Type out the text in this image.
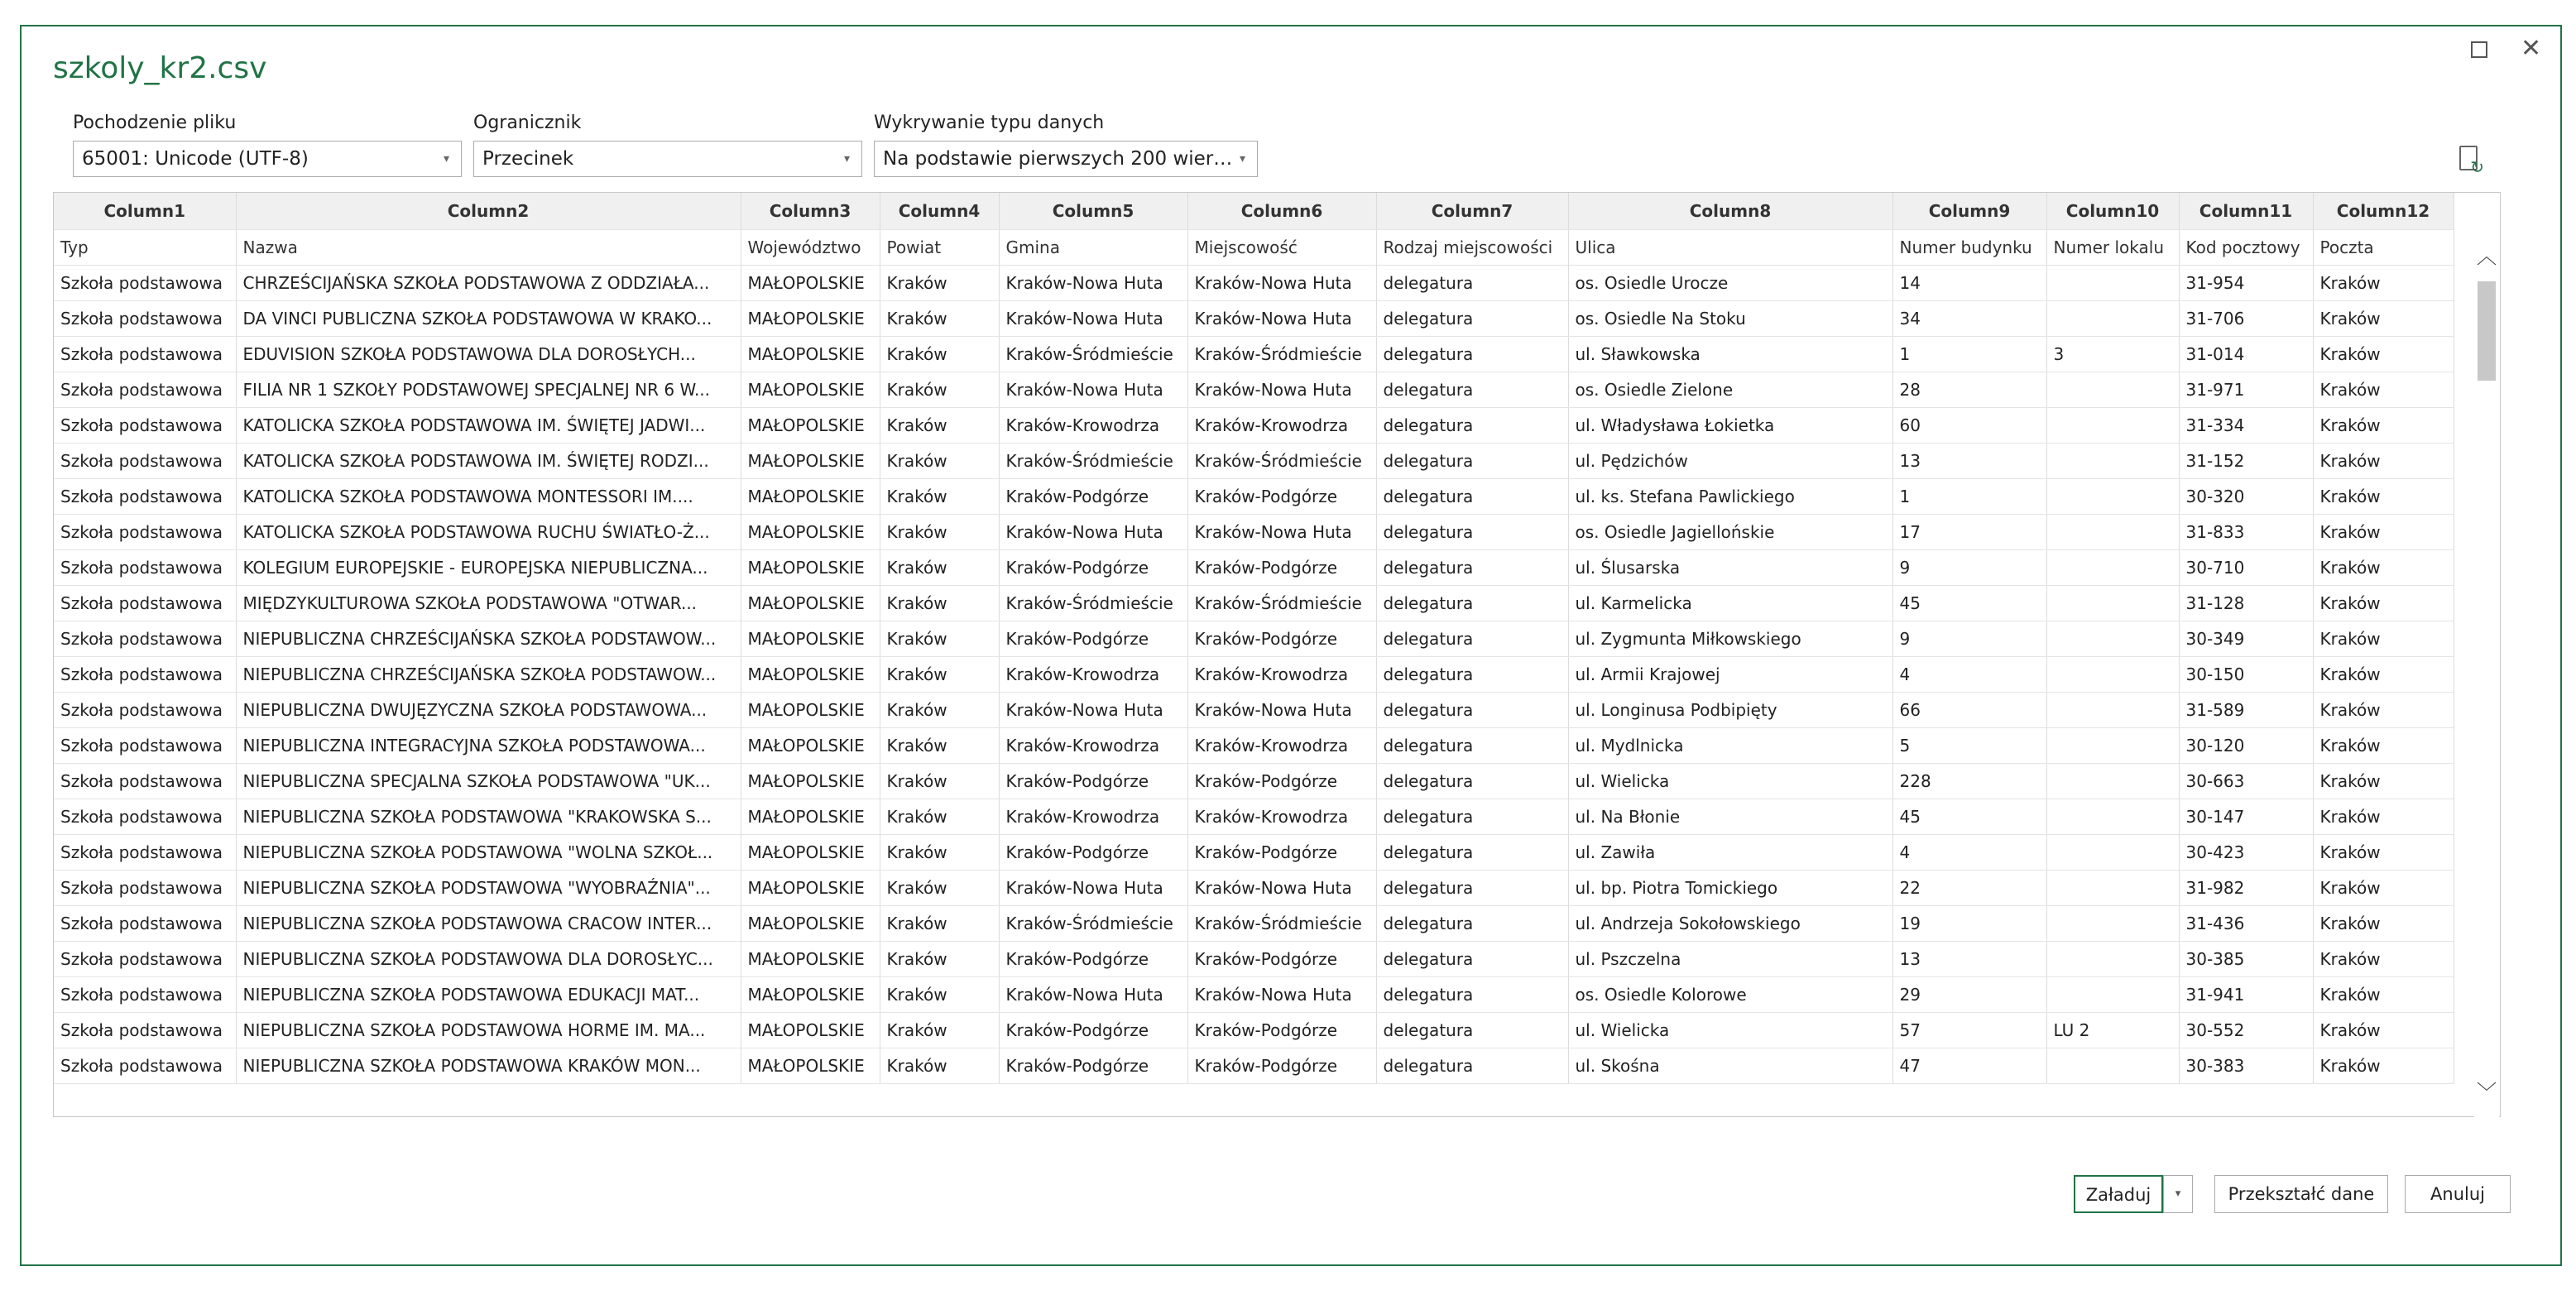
✕
szkoly_kr2.csv
Pochodzenie pliku
65001: Unicode (UTF-8)	▾
Ogranicznik
Przecinek	▾
Wykrywanie typu danych
Na podstawie pierwszych 200 wier… ▾
↻
Column1	Column2	Column3	Column4	Column5	Column6	Column7	Column8	Column9	Column10	Column11	Column12
Typ	Nazwa	Województwo	Powiat	Gmina	Miejscowość	Rodzaj miejscowości	Ulica	Numer budynku	Numer lokalu	Kod pocztowy	Poczta
Szkoła podstawowa	CHRZEŚCIJAŃSKA SZKOŁA PODSTAWOWA Z ODDZIAŁA...	MAŁOPOLSKIE	Kraków	Kraków-Nowa Huta	Kraków-Nowa Huta	delegatura	os. Osiedle Urocze	14		31-954	Kraków
Szkoła podstawowa	DA VINCI PUBLICZNA SZKOŁA PODSTAWOWA W KRAKO...	MAŁOPOLSKIE	Kraków	Kraków-Nowa Huta	Kraków-Nowa Huta	delegatura	os. Osiedle Na Stoku	34		31-706	Kraków
Szkoła podstawowa	EDUVISION SZKOŁA PODSTAWOWA DLA DOROSŁYCH...	MAŁOPOLSKIE	Kraków	Kraków-Śródmieście	Kraków-Śródmieście	delegatura	ul. Sławkowska	1	3	31-014	Kraków
Szkoła podstawowa	FILIA NR 1 SZKOŁY PODSTAWOWEJ SPECJALNEJ NR 6 W...	MAŁOPOLSKIE	Kraków	Kraków-Nowa Huta	Kraków-Nowa Huta	delegatura	os. Osiedle Zielone	28		31-971	Kraków
Szkoła podstawowa	KATOLICKA SZKOŁA PODSTAWOWA IM. ŚWIĘTEJ JADWI...	MAŁOPOLSKIE	Kraków	Kraków-Krowodrza	Kraków-Krowodrza	delegatura	ul. Władysława Łokietka	60		31-334	Kraków
Szkoła podstawowa	KATOLICKA SZKOŁA PODSTAWOWA IM. ŚWIĘTEJ RODZI...	MAŁOPOLSKIE	Kraków	Kraków-Śródmieście	Kraków-Śródmieście	delegatura	ul. Pędzichów	13		31-152	Kraków
Szkoła podstawowa	KATOLICKA SZKOŁA PODSTAWOWA MONTESSORI IM....	MAŁOPOLSKIE	Kraków	Kraków-Podgórze	Kraków-Podgórze	delegatura	ul. ks. Stefana Pawlickiego	1		30-320	Kraków
Szkoła podstawowa	KATOLICKA SZKOŁA PODSTAWOWA RUCHU ŚWIATŁO-Ż...	MAŁOPOLSKIE	Kraków	Kraków-Nowa Huta	Kraków-Nowa Huta	delegatura	os. Osiedle Jagiellońskie	17		31-833	Kraków
Szkoła podstawowa	KOLEGIUM EUROPEJSKIE - EUROPEJSKA NIEPUBLICZNA...	MAŁOPOLSKIE	Kraków	Kraków-Podgórze	Kraków-Podgórze	delegatura	ul. Ślusarska	9		30-710	Kraków
Szkoła podstawowa	MIĘDZYKULTUROWA SZKOŁA PODSTAWOWA "OTWAR...	MAŁOPOLSKIE	Kraków	Kraków-Śródmieście	Kraków-Śródmieście	delegatura	ul. Karmelicka	45		31-128	Kraków
Szkoła podstawowa	NIEPUBLICZNA CHRZEŚCIJAŃSKA SZKOŁA PODSTAWOW...	MAŁOPOLSKIE	Kraków	Kraków-Podgórze	Kraków-Podgórze	delegatura	ul. Zygmunta Miłkowskiego	9		30-349	Kraków
Szkoła podstawowa	NIEPUBLICZNA CHRZEŚCIJAŃSKA SZKOŁA PODSTAWOW...	MAŁOPOLSKIE	Kraków	Kraków-Krowodrza	Kraków-Krowodrza	delegatura	ul. Armii Krajowej	4		30-150	Kraków
Szkoła podstawowa	NIEPUBLICZNA DWUJĘZYCZNA SZKOŁA PODSTAWOWA...	MAŁOPOLSKIE	Kraków	Kraków-Nowa Huta	Kraków-Nowa Huta	delegatura	ul. Longinusa Podbipięty	66		31-589	Kraków
Szkoła podstawowa	NIEPUBLICZNA INTEGRACYJNA SZKOŁA PODSTAWOWA...	MAŁOPOLSKIE	Kraków	Kraków-Krowodrza	Kraków-Krowodrza	delegatura	ul. Mydlnicka	5		30-120	Kraków
Szkoła podstawowa	NIEPUBLICZNA SPECJALNA SZKOŁA PODSTAWOWA "UK...	MAŁOPOLSKIE	Kraków	Kraków-Podgórze	Kraków-Podgórze	delegatura	ul. Wielicka	228		30-663	Kraków
Szkoła podstawowa	NIEPUBLICZNA SZKOŁA PODSTAWOWA "KRAKOWSKA S...	MAŁOPOLSKIE	Kraków	Kraków-Krowodrza	Kraków-Krowodrza	delegatura	ul. Na Błonie	45		30-147	Kraków
Szkoła podstawowa	NIEPUBLICZNA SZKOŁA PODSTAWOWA "WOLNA SZKOŁ...	MAŁOPOLSKIE	Kraków	Kraków-Podgórze	Kraków-Podgórze	delegatura	ul. Zawiła	4		30-423	Kraków
Szkoła podstawowa	NIEPUBLICZNA SZKOŁA PODSTAWOWA "WYOBRAŹNIA"...	MAŁOPOLSKIE	Kraków	Kraków-Nowa Huta	Kraków-Nowa Huta	delegatura	ul. bp. Piotra Tomickiego	22		31-982	Kraków
Szkoła podstawowa	NIEPUBLICZNA SZKOŁA PODSTAWOWA CRACOW INTER...	MAŁOPOLSKIE	Kraków	Kraków-Śródmieście	Kraków-Śródmieście	delegatura	ul. Andrzeja Sokołowskiego	19		31-436	Kraków
Szkoła podstawowa	NIEPUBLICZNA SZKOŁA PODSTAWOWA DLA DOROSŁYC...	MAŁOPOLSKIE	Kraków	Kraków-Podgórze	Kraków-Podgórze	delegatura	ul. Pszczelna	13		30-385	Kraków
Szkoła podstawowa	NIEPUBLICZNA SZKOŁA PODSTAWOWA EDUKACJI MAT...	MAŁOPOLSKIE	Kraków	Kraków-Nowa Huta	Kraków-Nowa Huta	delegatura	os. Osiedle Kolorowe	29		31-941	Kraków
Szkoła podstawowa	NIEPUBLICZNA SZKOŁA PODSTAWOWA HORME IM. MA...	MAŁOPOLSKIE	Kraków	Kraków-Podgórze	Kraków-Podgórze	delegatura	ul. Wielicka	57	LU 2	30-552	Kraków
Szkoła podstawowa	NIEPUBLICZNA SZKOŁA PODSTAWOWA KRAKÓW MON...	MAŁOPOLSKIE	Kraków	Kraków-Podgórze	Kraków-Podgórze	delegatura	ul. Skośna	47		30-383	Kraków
︿
﹀
Załaduj	▾	Przekształć dane	Anuluj
